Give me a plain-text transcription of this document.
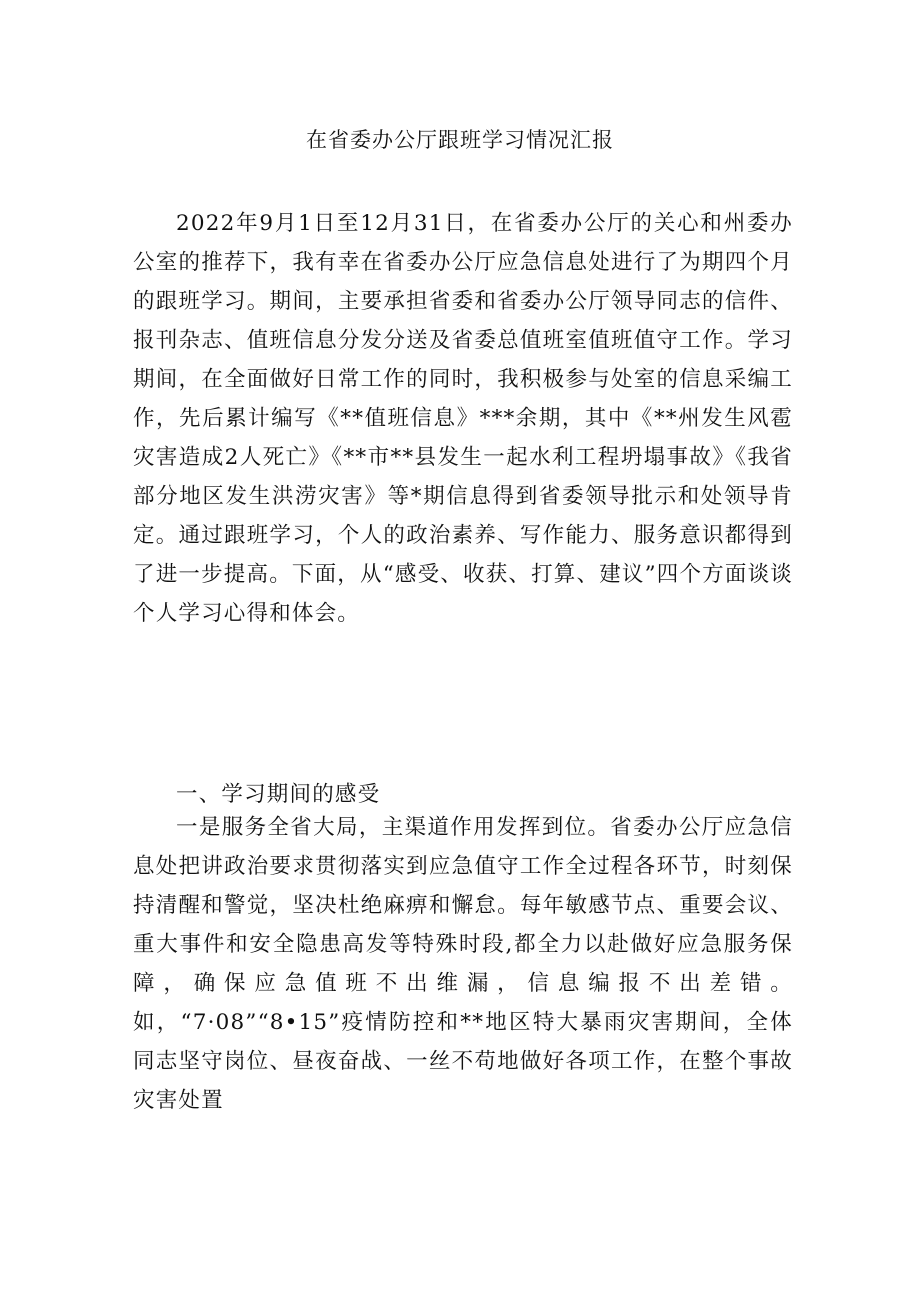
在省委办公厅跟班学习情况汇报

2022年9月1日至12月31日，在省委办公厅的关心和州委办公室的推荐下，我有幸在省委办公厅应急信息处进行了为期四个月的跟班学习。期间，主要承担省委和省委办公厅领导同志的信件、报刊杂志、值班信息分发分送及省委总值班室值班值守工作。学习期间，在全面做好日常工作的同时，我积极参与处室的信息采编工作，先后累计编写《**值班信息》***余期，其中《**州发生风雹灾害造成2人死亡》《**市**县发生一起水利工程坍塌事故》《我省部分地区发生洪涝灾害》等*期信息得到省委领导批示和处领导肯定。通过跟班学习，个人的政治素养、写作能力、服务意识都得到了进一步提高。下面，从“感受、收获、打算、建议”四个方面谈谈个人学习心得和体会。

一、学习期间的感受

一是服务全省大局，主渠道作用发挥到位。省委办公厅应急信息处把讲政治要求贯彻落实到应急值守工作全过程各环节，时刻保持清醒和警觉，坚决杜绝麻痹和懈怠。每年敏感节点、重要会议、重大事件和安全隐患高发等特殊时段,都全力以赴做好应急服务保障，确保应急值班不出维漏，信息编报不出差错。如，“7·08”“8•15”疫情防控和**地区特大暴雨灾害期间，全体同志坚守岗位、昼夜奋战、一丝不苟地做好各项工作，在整个事故灾害处置
